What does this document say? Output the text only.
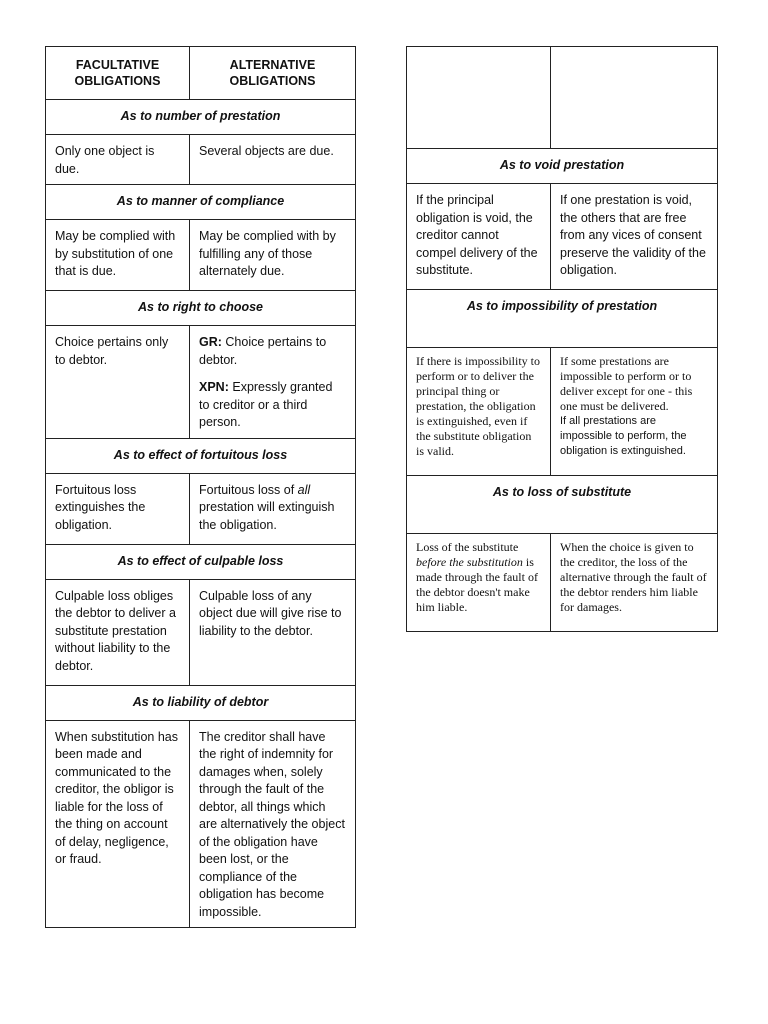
FACULTATIVE OBLIGATIONS	ALTERNATIVE OBLIGATIONS

As to number of prestation	

Only one object is due.	Several objects are due.

As to manner of compliance	

May be complied with by substitution of one that is due.	May be complied with by fulfilling any of those alternately due.

As to right to choose	

Choice pertains only to debtor.	GR: Choice pertains to debtor.
XPN: Expressly granted to creditor or a third person.

As to effect of fortuitous loss	

Fortuitous loss extinguishes the obligation.	Fortuitous loss of all prestation will extinguish the obligation.

As to effect of culpable loss	

Culpable loss obliges the debtor to deliver a substitute prestation without liability to the debtor.	Culpable loss of any object due will give rise to liability to the debtor.

As to liability of debtor	

When substitution has been made and communicated to the creditor, the obligor is liable for the loss of the thing on account of delay, negligence, or fraud.	The creditor shall have the right of indemnity for damages when, solely through the fault of the debtor, all things which are alternatively the object of the obligation have been lost, or the compliance of the obligation has become impossible.

As to void prestation	

If the principal obligation is void, the creditor cannot compel delivery of the substitute.	If one prestation is void, the others that are free from any vices of consent preserve the validity of the obligation.

As to impossibility of prestation	

If there is impossibility to perform or to deliver the principal thing or prestation, the obligation is extinguished, even if the substitute obligation is valid.	If some prestations are impossible to perform or to deliver except for one - this one must be delivered.
If all prestations are impossible to perform, the obligation is extinguished.

As to loss of substitute	

Loss of the substitute before the substitution is made through the fault of the debtor doesn't make him liable.	When the choice is given to the creditor, the loss of the alternative through the fault of the debtor renders him liable for damages.
